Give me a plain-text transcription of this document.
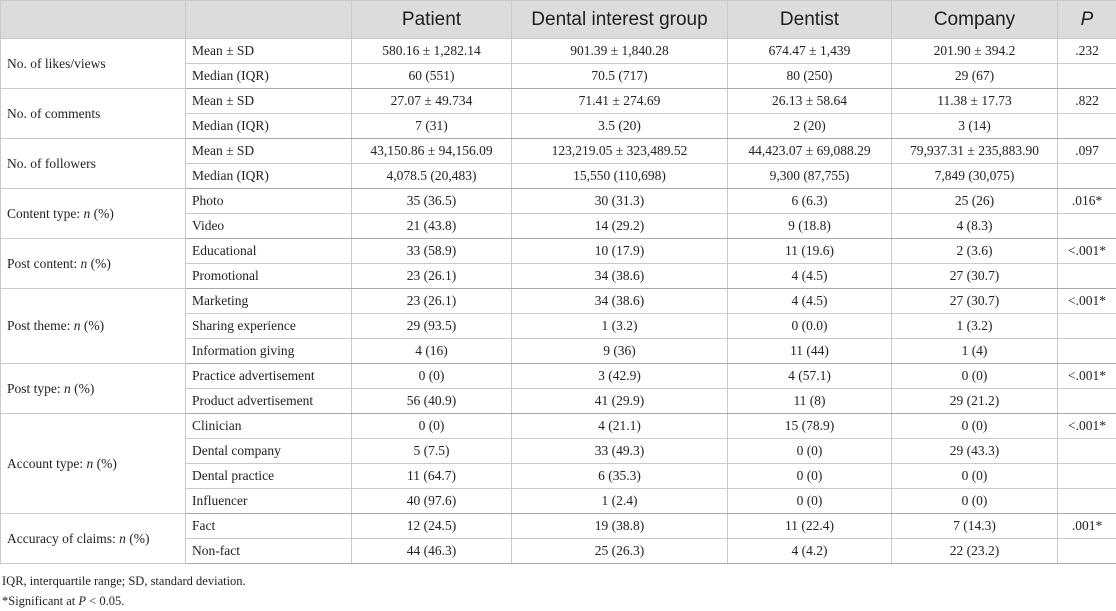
		Patient	Dental interest group	Dentist	Company	P
No. of likes/views	Mean ± SD	580.16 ± 1,282.14	901.39 ± 1,840.28	674.47 ± 1,439	201.90 ± 394.2	.232
	Median (IQR)	60 (551)	70.5 (717)	80 (250)	29 (67)	
No. of comments	Mean ± SD	27.07 ± 49.734	71.41 ± 274.69	26.13 ± 58.64	11.38 ± 17.73	.822
	Median (IQR)	7 (31)	3.5 (20)	2 (20)	3 (14)	
No. of followers	Mean ± SD	43,150.86 ± 94,156.09	123,219.05 ± 323,489.52	44,423.07 ± 69,088.29	79,937.31 ± 235,883.90	.097
	Median (IQR)	4,078.5 (20,483)	15,550 (110,698)	9,300 (87,755)	7,849 (30,075)	
Content type: n (%)	Photo	35 (36.5)	30 (31.3)	6 (6.3)	25 (26)	.016*
	Video	21 (43.8)	14 (29.2)	9 (18.8)	4 (8.3)	
Post content: n (%)	Educational	33 (58.9)	10 (17.9)	11 (19.6)	2 (3.6)	<.001*
	Promotional	23 (26.1)	34 (38.6)	4 (4.5)	27 (30.7)	
Post theme: n (%)	Marketing	23 (26.1)	34 (38.6)	4 (4.5)	27 (30.7)	<.001*
	Sharing experience	29 (93.5)	1 (3.2)	0 (0.0)	1 (3.2)	
	Information giving	4 (16)	9 (36)	11 (44)	1 (4)	
Post type: n (%)	Practice advertisement	0 (0)	3 (42.9)	4 (57.1)	0 (0)	<.001*
	Product advertisement	56 (40.9)	41 (29.9)	11 (8)	29 (21.2)	
Account type: n (%)	Clinician	0 (0)	4 (21.1)	15 (78.9)	0 (0)	<.001*
	Dental company	5 (7.5)	33 (49.3)	0 (0)	29 (43.3)	
	Dental practice	11 (64.7)	6 (35.3)	0 (0)	0 (0)	
	Influencer	40 (97.6)	1 (2.4)	0 (0)	0 (0)	
Accuracy of claims: n (%)	Fact	12 (24.5)	19 (38.8)	11 (22.4)	7 (14.3)	.001*
	Non-fact	44 (46.3)	25 (26.3)	4 (4.2)	22 (23.2)	
IQR, interquartile range; SD, standard deviation.
*Significant at P < 0.05.
